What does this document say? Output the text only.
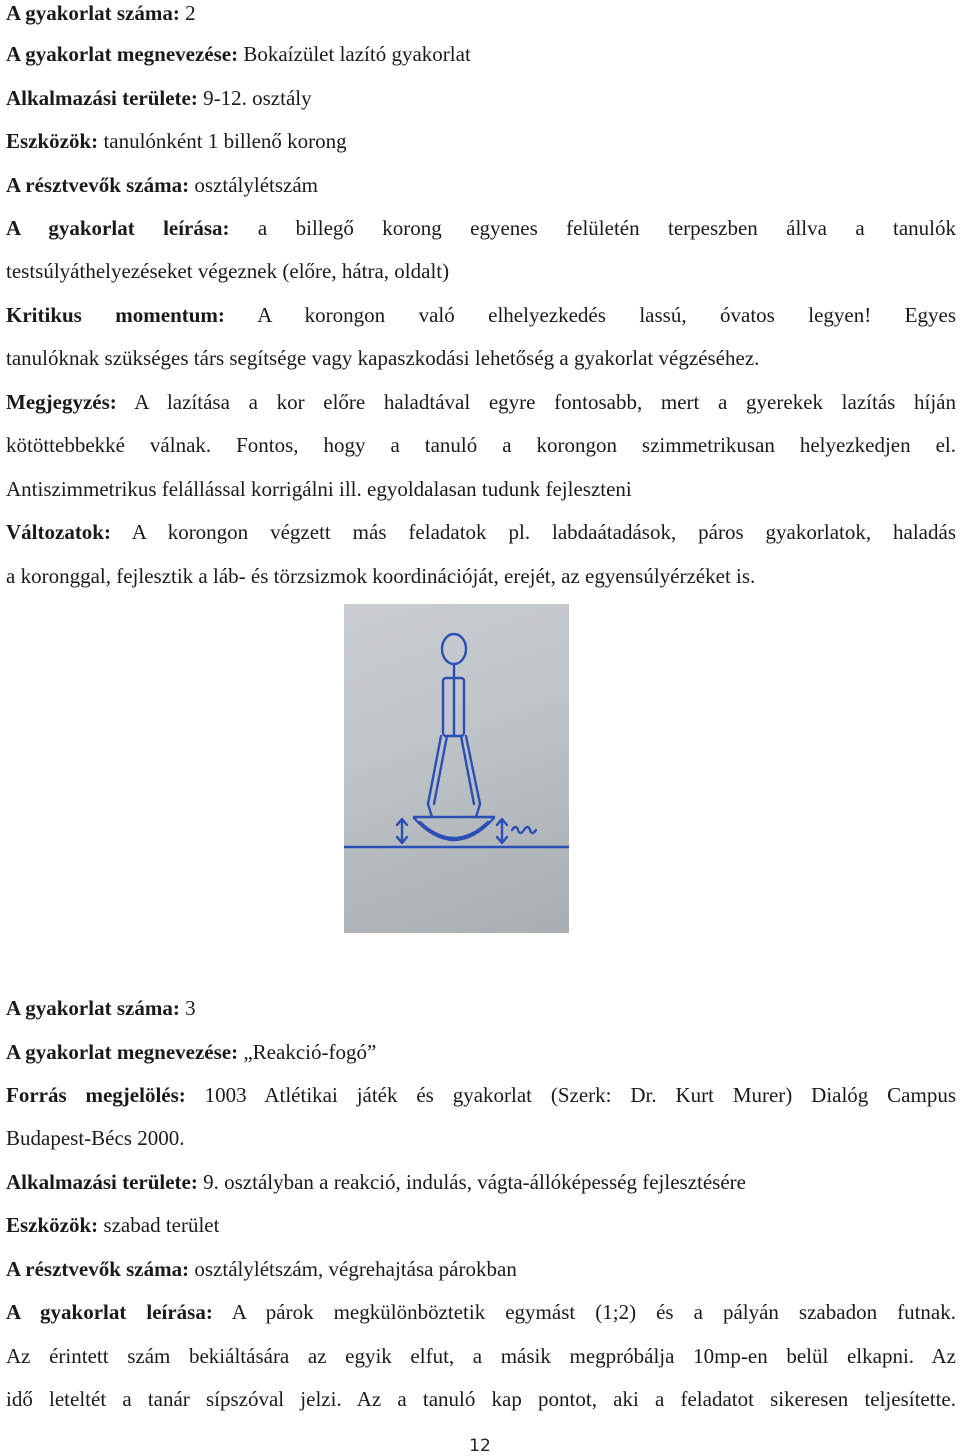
A gyakorlat száma: 2
A gyakorlat megnevezése: Bokaízület lazító gyakorlat
Alkalmazási területe: 9-12. osztály
Eszközök: tanulónként 1 billenő korong
A résztvevők száma: osztálylétszám
A gyakorlat leírása: a billegő korong egyenes felületén terpeszben állva a tanulók
testsúlyáthelyezéseket végeznek (előre, hátra, oldalt)
Kritikus momentum: A korongon való elhelyezkedés lassú, óvatos legyen! Egyes
tanulóknak szükséges társ segítsége vagy kapaszkodási lehetőség a gyakorlat végzéséhez.
Megjegyzés: A lazítása a kor előre haladtával egyre fontosabb, mert a gyerekek lazítás híján
kötöttebbekké válnak. Fontos, hogy a tanuló a korongon szimmetrikusan helyezkedjen el.
Antiszimmetrikus felállással korrigálni ill. egyoldalasan tudunk fejleszteni
Változatok: A korongon végzett más feladatok pl. labdaátadások, páros gyakorlatok, haladás
a koronggal, fejlesztik a láb- és törzsizmok koordinációját, erejét, az egyensúlyérzéket is.
A gyakorlat száma: 3
A gyakorlat megnevezése: „Reakció-fogó”
Forrás megjelölés: 1003 Atlétikai játék és gyakorlat (Szerk: Dr. Kurt Murer) Dialóg Campus
Budapest-Bécs 2000.
Alkalmazási területe: 9. osztályban a reakció, indulás, vágta-állóképesség fejlesztésére
Eszközök: szabad terület
A résztvevők száma: osztálylétszám, végrehajtása párokban
A gyakorlat leírása: A párok megkülönböztetik egymást (1;2) és a pályán szabadon futnak.
Az érintett szám bekiáltására az egyik elfut, a másik megpróbálja 10mp-en belül elkapni. Az
idő leteltét a tanár sípszóval jelzi. Az a tanuló kap pontot, aki a feladatot sikeresen teljesítette.
12
